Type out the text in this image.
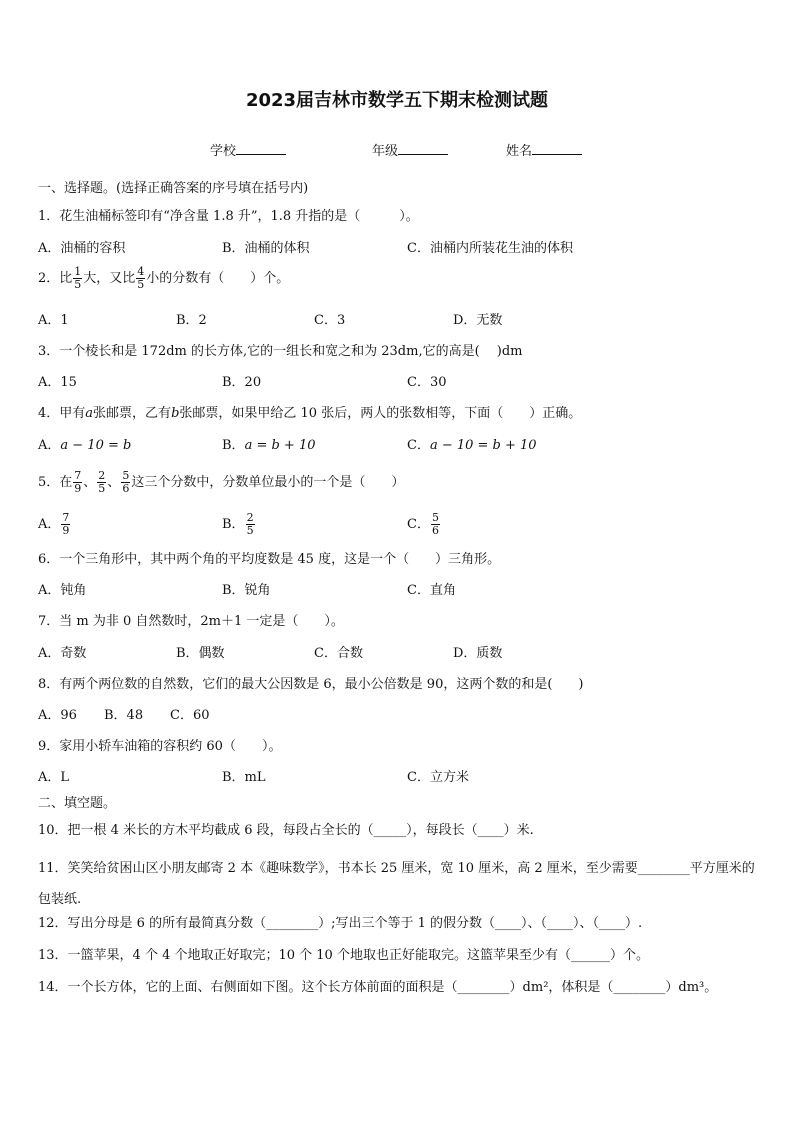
2023届吉林市数学五下期末检测试题
学校	年级	姓名
一、选择题。(选择正确答案的序号填在括号内)
1．花生油桶标签印有“净含量 1.8 升”，1.8 升指的是（　　　）。
A．油桶的容积	B．油桶的体积	C．油桶内所装花生油的体积
2．比 $\frac{1}{5}$ 大，又比 $\frac{4}{5}$ 小的分数有（　　）个。
A．1	B．2	C．3	D．无数
3．一个棱长和是 172dm 的长方体,它的一组长和宽之和为 23dm,它的高是(　 )dm
A．15	B．20	C．30
4．甲有a张邮票，乙有b张邮票，如果甲给乙 10 张后，两人的张数相等，下面（　　）正确。
A．a − 10 = b	B．a = b + 10	C．a − 10 = b + 10
5．在 $\frac{7}{9}$ 、 $\frac{2}{5}$ 、 $\frac{5}{6}$ 这三个分数中，分数单位最小的一个是（　　）
A． $\frac{7}{9}$	B． $\frac{2}{5}$	C． $\frac{5}{6}$
6．一个三角形中，其中两个角的平均度数是 45 度，这是一个（　　）三角形。
A．钝角	B．锐角	C．直角
7．当 m 为非 0 自然数时，2m＋1 一定是（　　）。
A．奇数	B．偶数	C．合数	D．质数
8．有两个两位数的自然数，它们的最大公因数是 6，最小公倍数是 90，这两个数的和是(　　)
A．96 B．48 C．60
9．家用小轿车油箱的容积约 60（　　）。
A．L	B．mL	C．立方米
二、填空题。
10．把一根 4 米长的方木平均截成 6 段，每段占全长的（_____），每段长（____）米.
11．笑笑给贫困山区小朋友邮寄 2 本《趣味数学》，书本长 25 厘米，宽 10 厘米，高 2 厘米，至少需要________平方厘米的包装纸.
12．写出分母是 6 的所有最简真分数（________）;写出三个等于 1 的假分数（____）、（____）、（____）.
13．一篮苹果，4 个 4 个地取正好取完；10 个 10 个地取也正好能取完。这篮苹果至少有（______）个。
14．一个长方体，它的上面、右侧面如下图。这个长方体前面的面积是（________）dm²，体积是（________）dm³。
